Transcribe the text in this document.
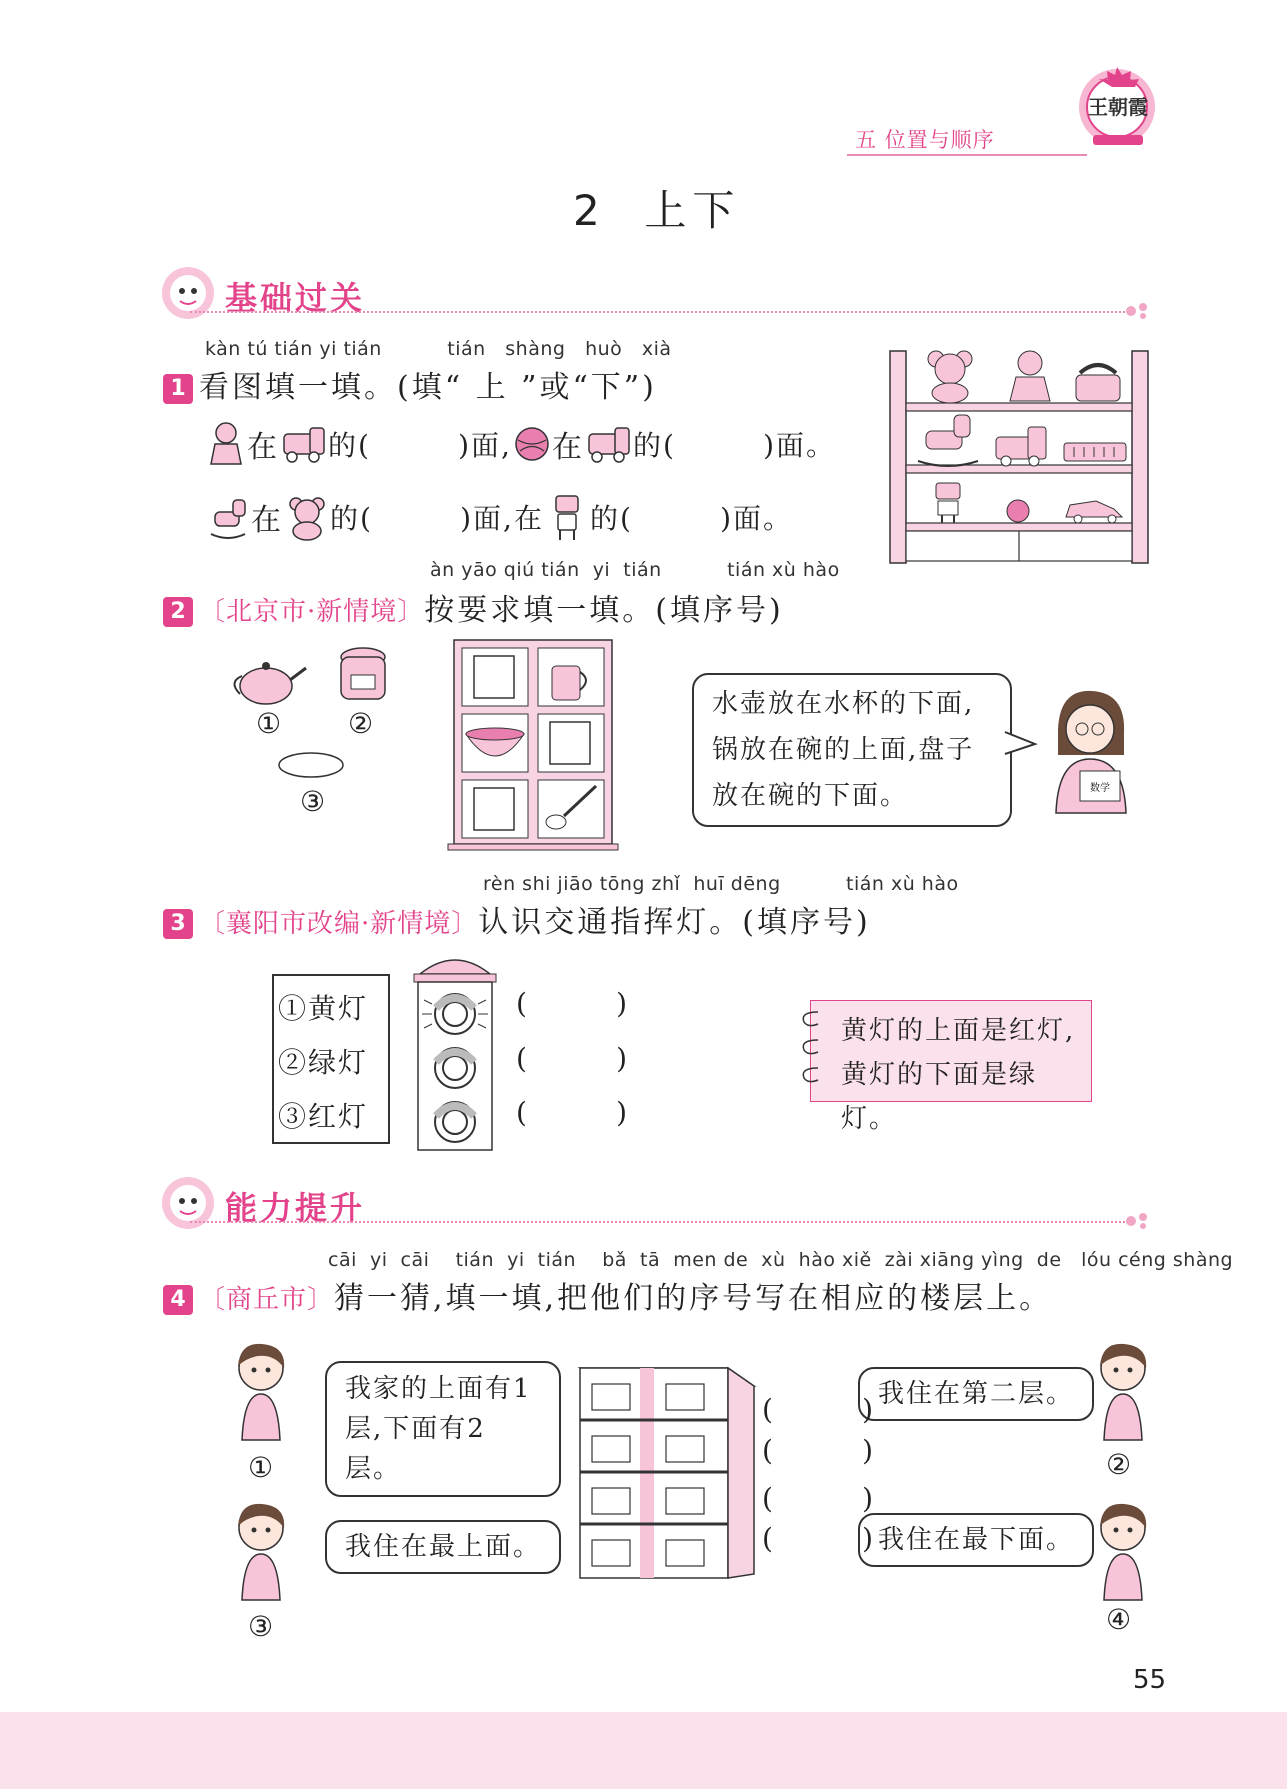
五 位置与顺序
王朝霞
2  上下
基础过关
kàn tú tián yi tián          tián   shàng   huò   xià
1 看图填一填。(填“ 上 ”或“下”)
在 的(        )面, 在 的(        )面。
在 的(        )面,在 的(        )面。
àn yāo qiú tián  yi  tián          tián xù hào
2 〔北京市·新情境〕按要求填一填。(填序号)
① ②
③
水壶放在水杯的下面,
锅放在碗的上面,盘子
放在碗的下面。	数学
rèn shi jiāo tōng zhǐ  huī dēng          tián xù hào
3 〔襄阳市改编·新情境〕认识交通指挥灯。(填序号)
①黄灯
②绿灯
③红灯
(        )
(        )
(        )
黄灯的上面是红灯,
黄灯的下面是绿灯。
能力提升
cāi  yi  cāi    tián  yi  tián    bǎ  tā  men de  xù  hào xiě  zài xiāng yìng  de   lóu céng shàng
4 〔商丘市〕猜一猜,填一填,把他们的序号写在相应的楼层上。
①	②
③	④
我家的上面有1
层,下面有2层。
我住在第二层。
我住在最上面。	我住在最下面。
(        )
(        )
(        )
(        )
55
